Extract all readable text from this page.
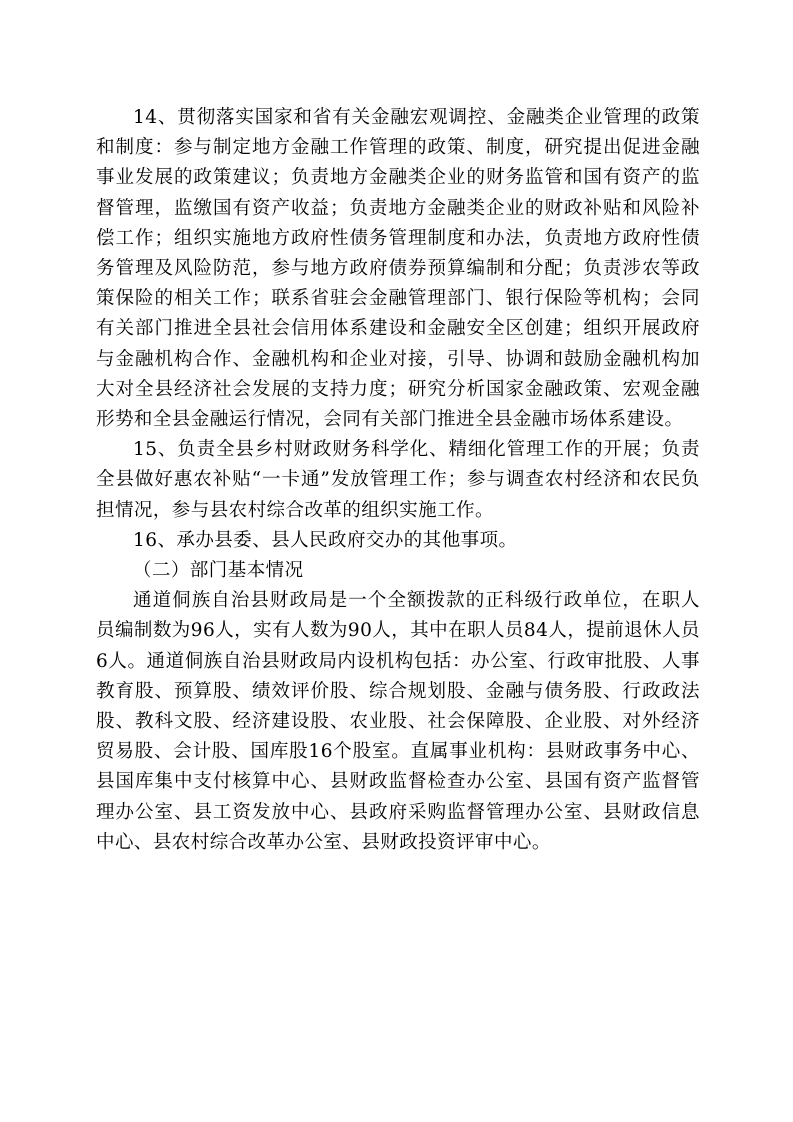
14、贯彻落实国家和省有关金融宏观调控、金融类企业管理的政策和制度：参与制定地方金融工作管理的政策、制度，研究提出促进金融事业发展的政策建议；负责地方金融类企业的财务监管和国有资产的监督管理，监缴国有资产收益；负责地方金融类企业的财政补贴和风险补偿工作；组织实施地方政府性债务管理制度和办法，负责地方政府性债务管理及风险防范，参与地方政府债券预算编制和分配；负责涉农等政策保险的相关工作；联系省驻会金融管理部门、银行保险等机构；会同有关部门推进全县社会信用体系建设和金融安全区创建；组织开展政府与金融机构合作、金融机构和企业对接，引导、协调和鼓励金融机构加大对全县经济社会发展的支持力度；研究分析国家金融政策、宏观金融形势和全县金融运行情况，会同有关部门推进全县金融市场体系建设。

15、负责全县乡村财政财务科学化、精细化管理工作的开展；负责全县做好惠农补贴“一卡通”发放管理工作；参与调查农村经济和农民负担情况，参与县农村综合改革的组织实施工作。

16、承办县委、县人民政府交办的其他事项。

（二）部门基本情况

通道侗族自治县财政局是一个全额拨款的正科级行政单位，在职人员编制数为96人，实有人数为90人，其中在职人员84人，提前退休人员6人。通道侗族自治县财政局内设机构包括：办公室、行政审批股、人事教育股、预算股、绩效评价股、综合规划股、金融与债务股、行政政法股、教科文股、经济建设股、农业股、社会保障股、企业股、对外经济贸易股、会计股、国库股16个股室。直属事业机构：县财政事务中心、县国库集中支付核算中心、县财政监督检查办公室、县国有资产监督管理办公室、县工资发放中心、县政府采购监督管理办公室、县财政信息中心、县农村综合改革办公室、县财政投资评审中心。
